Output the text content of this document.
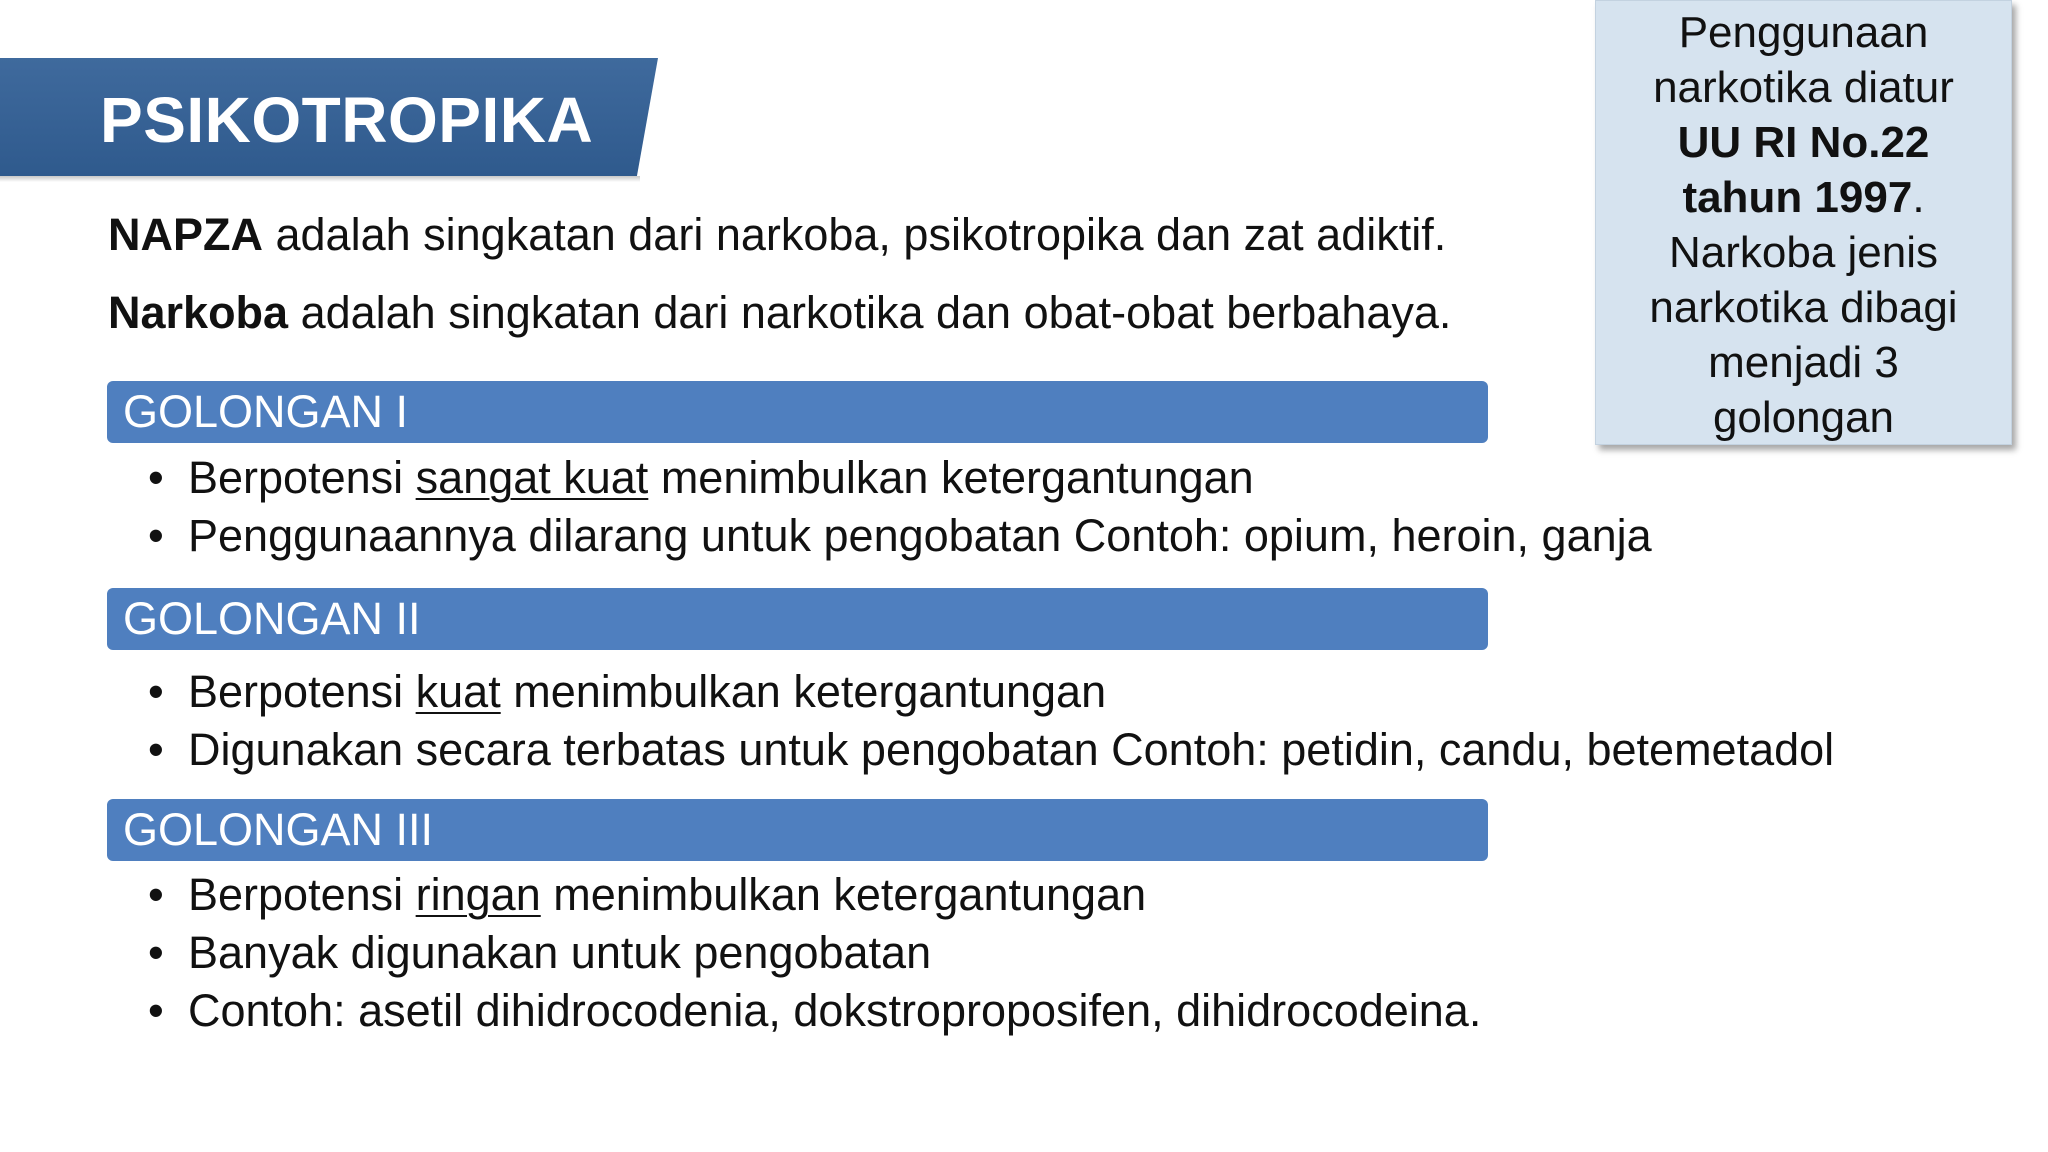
PSIKOTROPIKA
NAPZA adalah singkatan dari narkoba, psikotropika dan zat adiktif.
Narkoba adalah singkatan dari narkotika dan obat-obat berbahaya.
GOLONGAN I
• Berpotensi sangat kuat menimbulkan ketergantungan
• Penggunaannya dilarang untuk pengobatan Contoh: opium, heroin, ganja
GOLONGAN II
• Berpotensi kuat menimbulkan ketergantungan
• Digunakan secara terbatas untuk pengobatan Contoh: petidin, candu, betemetadol
GOLONGAN III
• Berpotensi ringan menimbulkan ketergantungan
• Banyak digunakan untuk pengobatan
• Contoh: asetil dihidrocodenia, dokstroproposifen, dihidrocodeina.
Penggunaan
narkotika diatur
UU RI No.22
tahun 1997.
Narkoba jenis
narkotika dibagi
menjadi 3
golongan
